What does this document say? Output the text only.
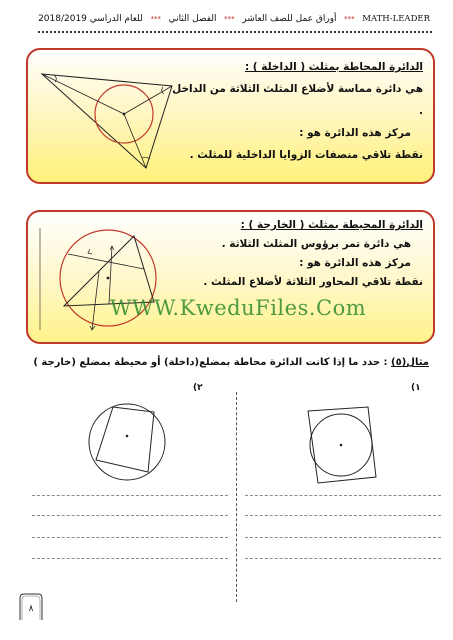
MATH-LEADER
***
أوراق عمل للصف العاشر
***
الفصل الثاني
***
للعام الدراسي 2018/2019
الدائرة المحاطة بمثلث ( الداخلة ) :
هي دائرة مماسة لأضلاع المثلث الثلاثة من الداخل .
مركز هذه الدائرة هو :
نقطة تلاقي منصفات الزوايا الداخلية للمثلث .
الدائرة المحيطة بمثلث ( الخارجة ) :
هي دائرة تمر برؤوس المثلث الثلاثة .
مركز هذه الدائرة هو :
نقطة تلاقي المحاور الثلاثة لأضلاع المثلث .
WWW.KweduFiles.Com
مثال(٥) : حدد ما إذا كانت الدائرة محاطة بمضلع(داخلة) أو محيطة بمضلع (خارجة )
(١
(٢
٨
